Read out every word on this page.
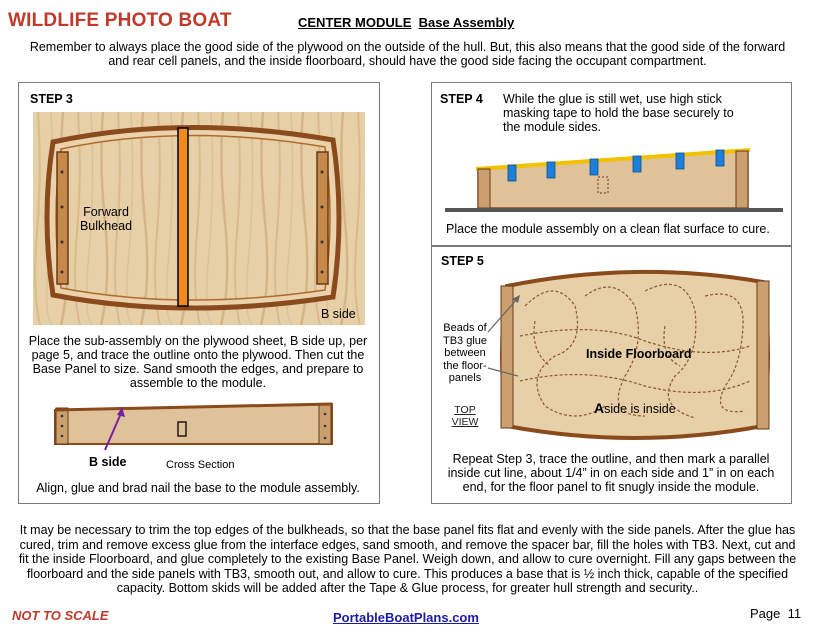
WILDLIFE PHOTO BOAT	CENTER MODULE Base Assembly
Remember to always place the good side of the plywood on the outside of the hull. But, this also means that the good side of the forward and rear cell panels, and the inside floorboard, should have the good side facing the occupant compartment.
STEP 3
Forward
Bulkhead
B side
Place the sub-assembly on the plywood sheet, B side up, per page 5, and trace the outline onto the plywood. Then cut the Base Panel to size. Sand smooth the edges, and prepare to assemble to the module.
B side	Cross Section
Align, glue and brad nail the base to the module assembly.
STEP 4 While the glue is still wet, use high stick masking tape to hold the base securely to the module sides.
Place the module assembly on a clean flat surface to cure.
STEP 5
Beads of TB3 glue between the floor-panels
Inside Floorboard
Aside is inside
TOP
VIEW
Repeat Step 3, trace the outline, and then mark a parallel inside cut line, about 1/4” in on each side and 1” in on each end, for the floor panel to fit snugly inside the module.
It may be necessary to trim the top edges of the bulkheads, so that the base panel fits flat and evenly with the side panels. After the glue has cured, trim and remove excess glue from the interface edges, sand smooth, and remove the spacer bar, fill the holes with TB3. Next, cut and fit the inside Floorboard, and glue completely to the existing Base Panel. Weigh down, and allow to cure overnight. Fill any gaps between the floorboard and the side panels with TB3, smooth out, and allow to cure. This produces a base that is ½ inch thick, capable of the specified capacity. Bottom skids will be added after the Tape & Glue process, for greater hull strength and security..
NOT TO SCALE	PortableBoatPlans.com	Page 11
